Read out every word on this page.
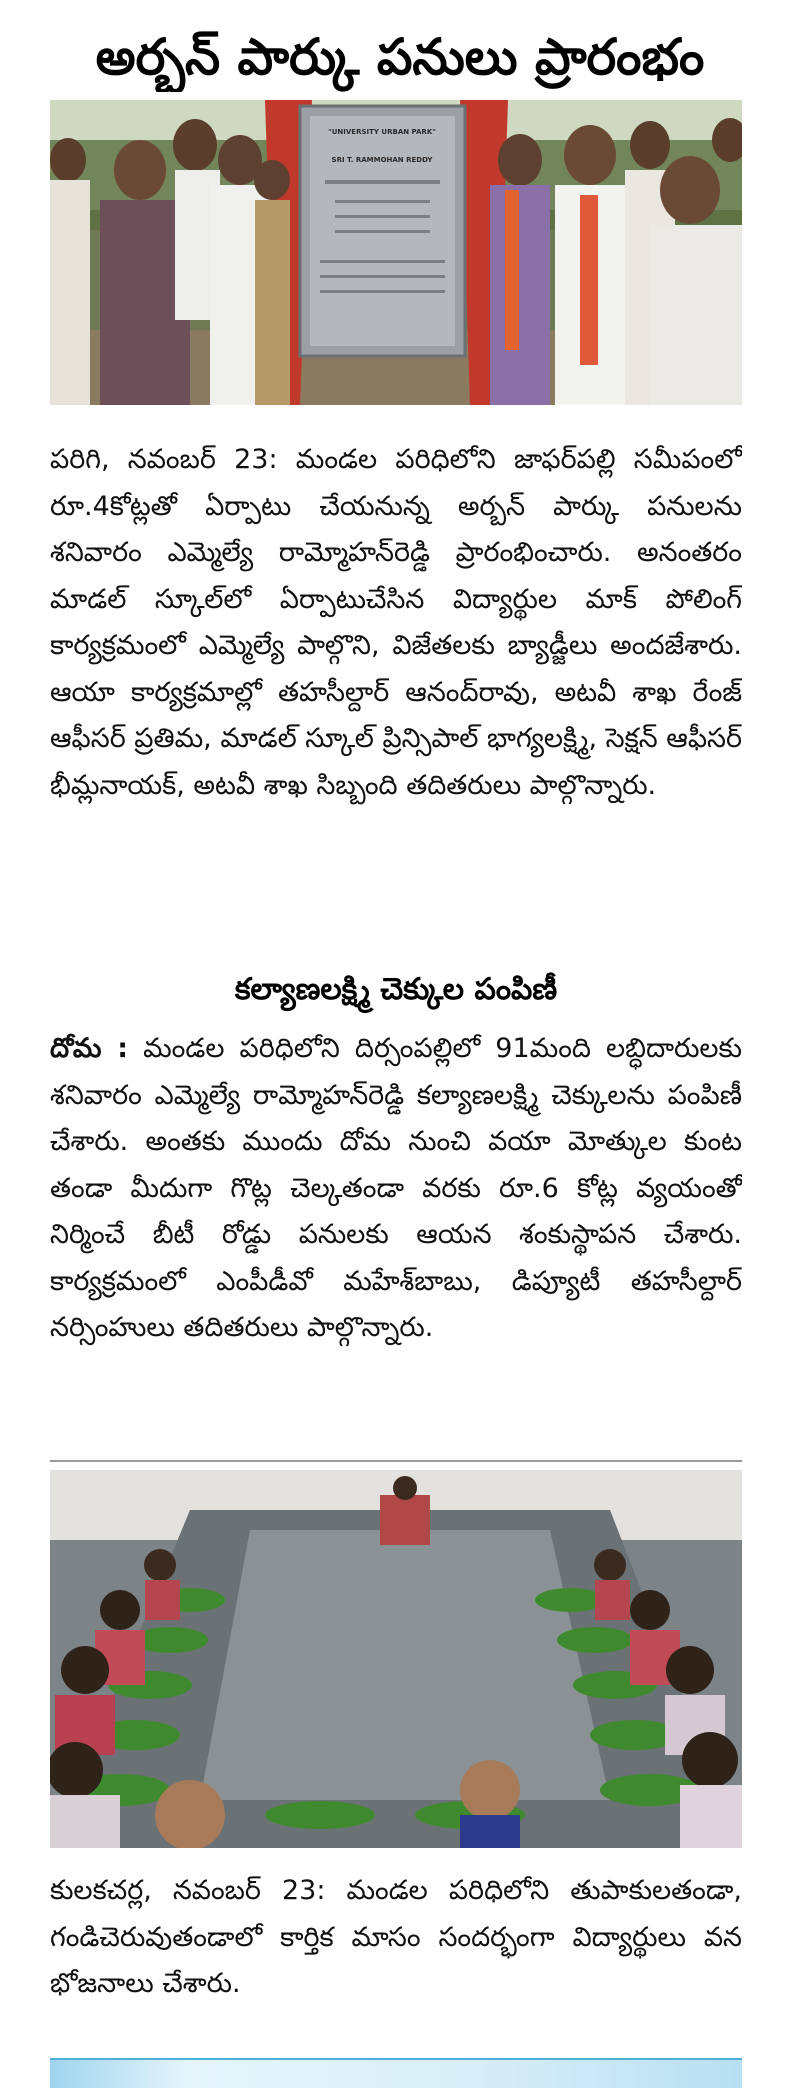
అర్బన్ పార్కు పనులు ప్రారంభం
"UNIVERSITY URBAN PARK"
SRI T. RAMMOHAN REDDY

పరిగి, నవంబర్ 23: మండల పరిధిలోని జాఫర్‌పల్లి సమీపంలో రూ.4కోట్లతో ఏర్పాటు చేయనున్న అర్బన్ పార్కు పనులను శనివారం ఎమ్మెల్యే రామ్మోహన్‌రెడ్డి ప్రారంభించారు. అనంతరం మాడల్ స్కూల్‌లో ఏర్పాటుచేసిన విద్యార్థుల మాక్ పోలింగ్ కార్యక్రమంలో ఎమ్మెల్యే పాల్గొని, విజేతలకు బ్యాడ్జీలు అందజేశారు. ఆయా కార్యక్రమాల్లో తహసీల్దార్ ఆనంద్‌రావు, అటవీ శాఖ రేంజ్ ఆఫీసర్ ప్రతిమ, మాడల్ స్కూల్ ప్రిన్సిపాల్ భాగ్యలక్ష్మి, సెక్షన్ ఆఫీసర్ భీమ్లనాయక్, అటవీ శాఖ సిబ్బంది తదితరులు పాల్గొన్నారు.

కల్యాణలక్ష్మి చెక్కుల పంపిణీ

దోమ : మండల పరిధిలోని దిర్సంపల్లిలో 91మంది లబ్ధిదారులకు శనివారం ఎమ్మెల్యే రామ్మోహన్‌రెడ్డి కల్యాణలక్ష్మి చెక్కులను పంపిణీ చేశారు. అంతకు ముందు దోమ నుంచి వయా మోత్కుల కుంట తండా మీదుగా గొట్ల చెల్కతండా వరకు రూ.6 కోట్ల వ్యయంతో నిర్మించే బీటీ రోడ్డు పనులకు ఆయన శంకుస్థాపన చేశారు. కార్యక్రమంలో ఎంపీడీవో మహేశ్‌బాబు, డిప్యూటీ తహసీల్దార్ నర్సింహులు తదితరులు పాల్గొన్నారు.

కులకచర్ల, నవంబర్ 23: మండల పరిధిలోని తుపాకులతండా, గండిచెరువుతండాలో కార్తిక మాసం సందర్భంగా విద్యార్థులు వన భోజనాలు చేశారు.
